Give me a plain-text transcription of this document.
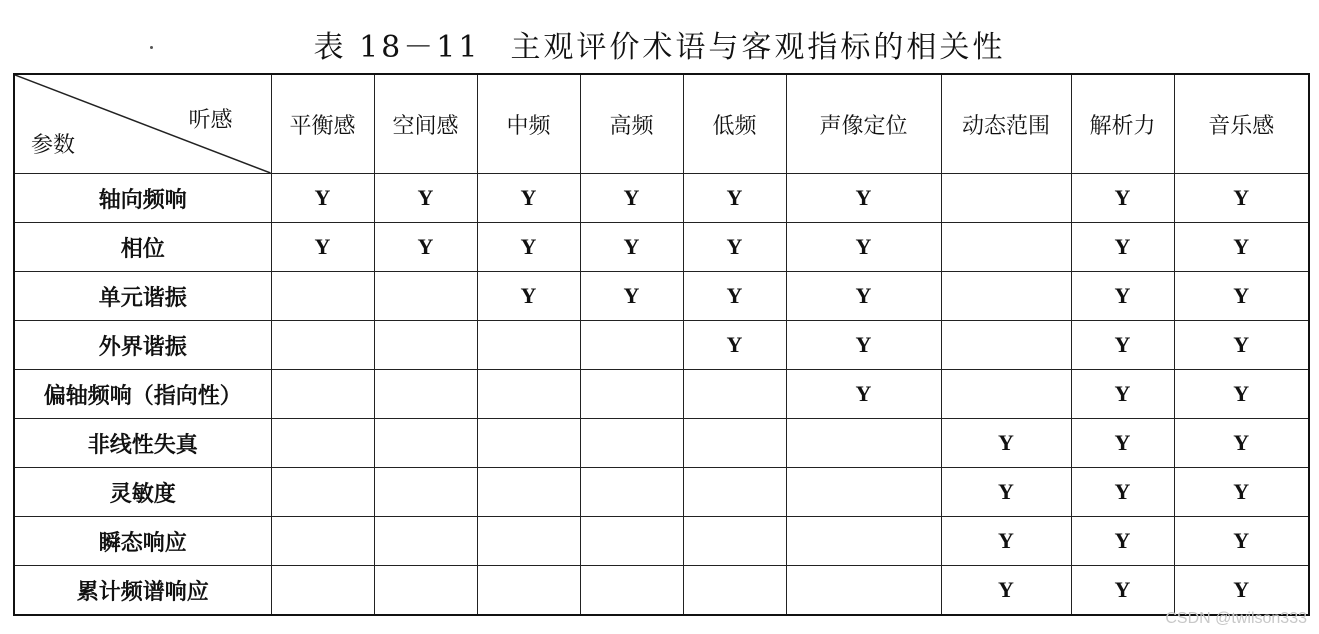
表 18－11 主观评价术语与客观指标的相关性
听感
参数	平衡感	空间感	中频	高频	低频	声像定位	动态范围	解析力	音乐感
轴向频响	Y	Y	Y	Y	Y	Y		Y	Y
相位	Y	Y	Y	Y	Y	Y		Y	Y
单元谐振			Y	Y	Y	Y		Y	Y
外界谐振					Y	Y		Y	Y
偏轴频响（指向性）						Y		Y	Y
非线性失真							Y	Y	Y
灵敏度							Y	Y	Y
瞬态响应							Y	Y	Y
累计频谱响应							Y	Y	Y
CSDN @twilson333
